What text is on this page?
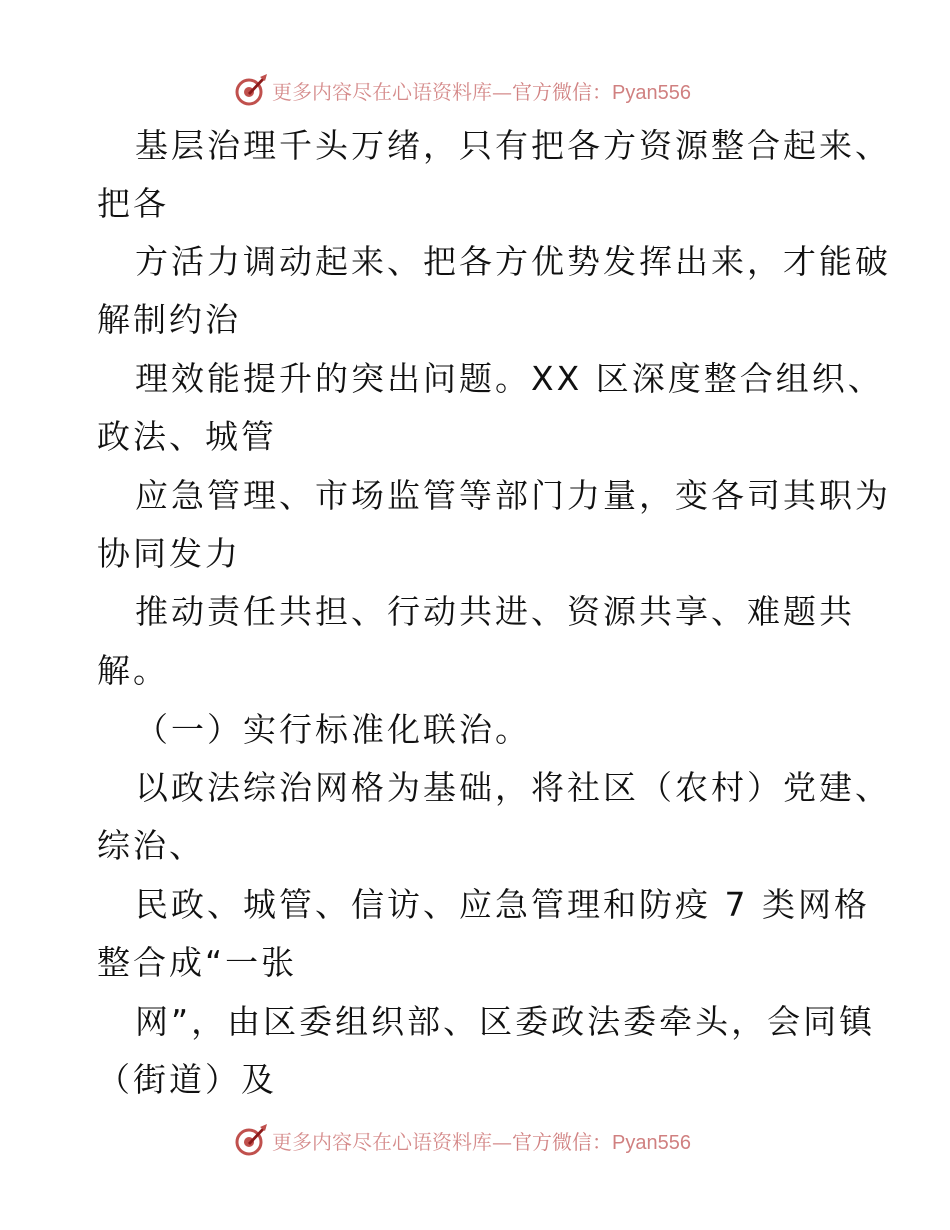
更多内容尽在心语资料库—官方微信：Pyan556
基层治理千头万绪，只有把各方资源整合起来、
把各
方活力调动起来、把各方优势发挥出来，才能破
解制约治
理效能提升的突出问题。XX 区深度整合组织、
政法、城管
应急管理、市场监管等部门力量，变各司其职为
协同发力
推动责任共担、行动共进、资源共享、难题共
解。
（一）实行标准化联治。
以政法综治网格为基础，将社区（农村）党建、
综治、
民政、城管、信访、应急管理和防疫 7 类网格
整合成“一张
网”，由区委组织部、区委政法委牵头，会同镇
（街道）及
更多内容尽在心语资料库—官方微信：Pyan556
